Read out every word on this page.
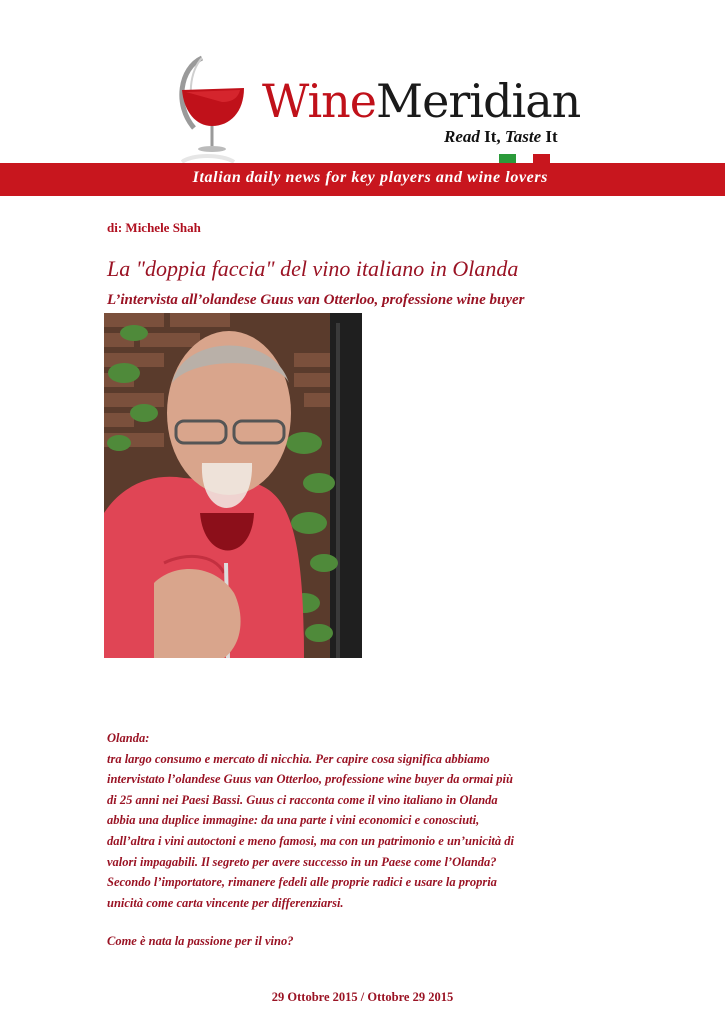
WineMeridian
Read It, Taste It
Italian daily news for key players and wine lovers
di: Michele Shah
La "doppia faccia" del vino italiano in Olanda
L’intervista all’olandese Guus van Otterloo, professione wine buyer

Olanda:

tra largo consumo e mercato di nicchia. Per capire cosa significa abbiamo

intervistato l’olandese Guus van Otterloo, professione wine buyer da ormai più

di 25 anni nei Paesi Bassi. Guus ci racconta come il vino italiano in Olanda

abbia una duplice immagine: da una parte i vini economici e conosciuti,

dall’altra i vini autoctoni e meno famosi, ma con un patrimonio e un’unicità di

valori impagabili. Il segreto per avere successo in un Paese come l’Olanda?

Secondo l’importatore, rimanere fedeli alle proprie radici e usare la propria

unicità come carta vincente per differenziarsi.

Come è nata la passione per il vino?
29 Ottobre 2015 / Ottobre 29 2015
